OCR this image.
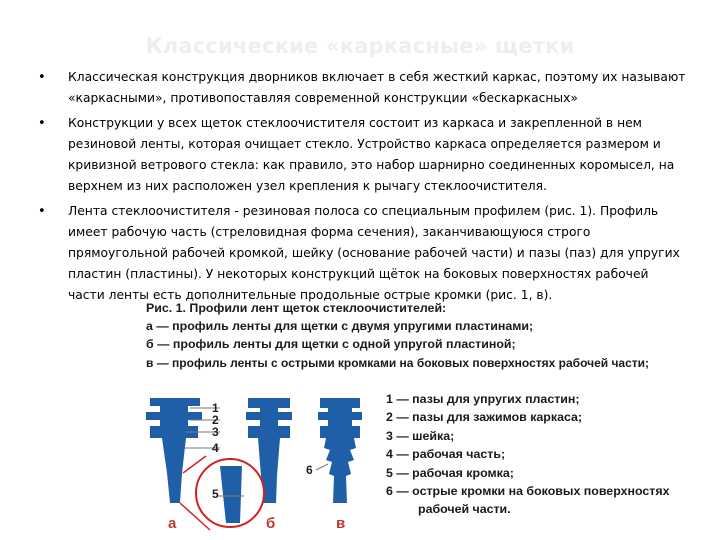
Классические «каркасные» щетки
• Классическая конструкция дворников включает в себя жесткий каркас, поэтому их называют «каркасными», противопоставляя современной конструкции «бескаркасных»
• Конструкции у всех щеток стеклоочистителя состоит из каркаса и закрепленной в нем резиновой ленты, которая очищает стекло. Устройство каркаса определяется размером и кривизной ветрового стекла: как правило, это набор шарнирно соединенных коромысел, на верхнем из них расположен узел крепления к рычагу стеклоочистителя.
• Лента стеклоочистителя - резиновая полоса со специальным профилем (рис. 1). Профиль имеет рабочую часть (стреловидная форма сечения), заканчивающуюся строго прямоугольной рабочей кромкой, шейку (основание рабочей части) и пазы (паз) для упругих пластин (пластины). У некоторых конструкций щёток на боковых поверхностях рабочей части ленты есть дополнительные продольные острые кромки (рис. 1, в).
Рис. 1. Профили лент щеток стеклоочистителей:
а — профиль ленты для щетки с двумя упругими пластинами;
б — профиль ленты для щетки с одной упругой пластиной;
в — профиль ленты с острыми кромками на боковых поверхностях рабочей части;
1
2
3
4
5
6
а	б	в
1 — пазы для упругих пластин;
2 — пазы для зажимов каркаса;
3 — шейка;
4 — рабочая часть;
5 — рабочая кромка;
6 — острые кромки на боковых поверхностях
рабочей части.
